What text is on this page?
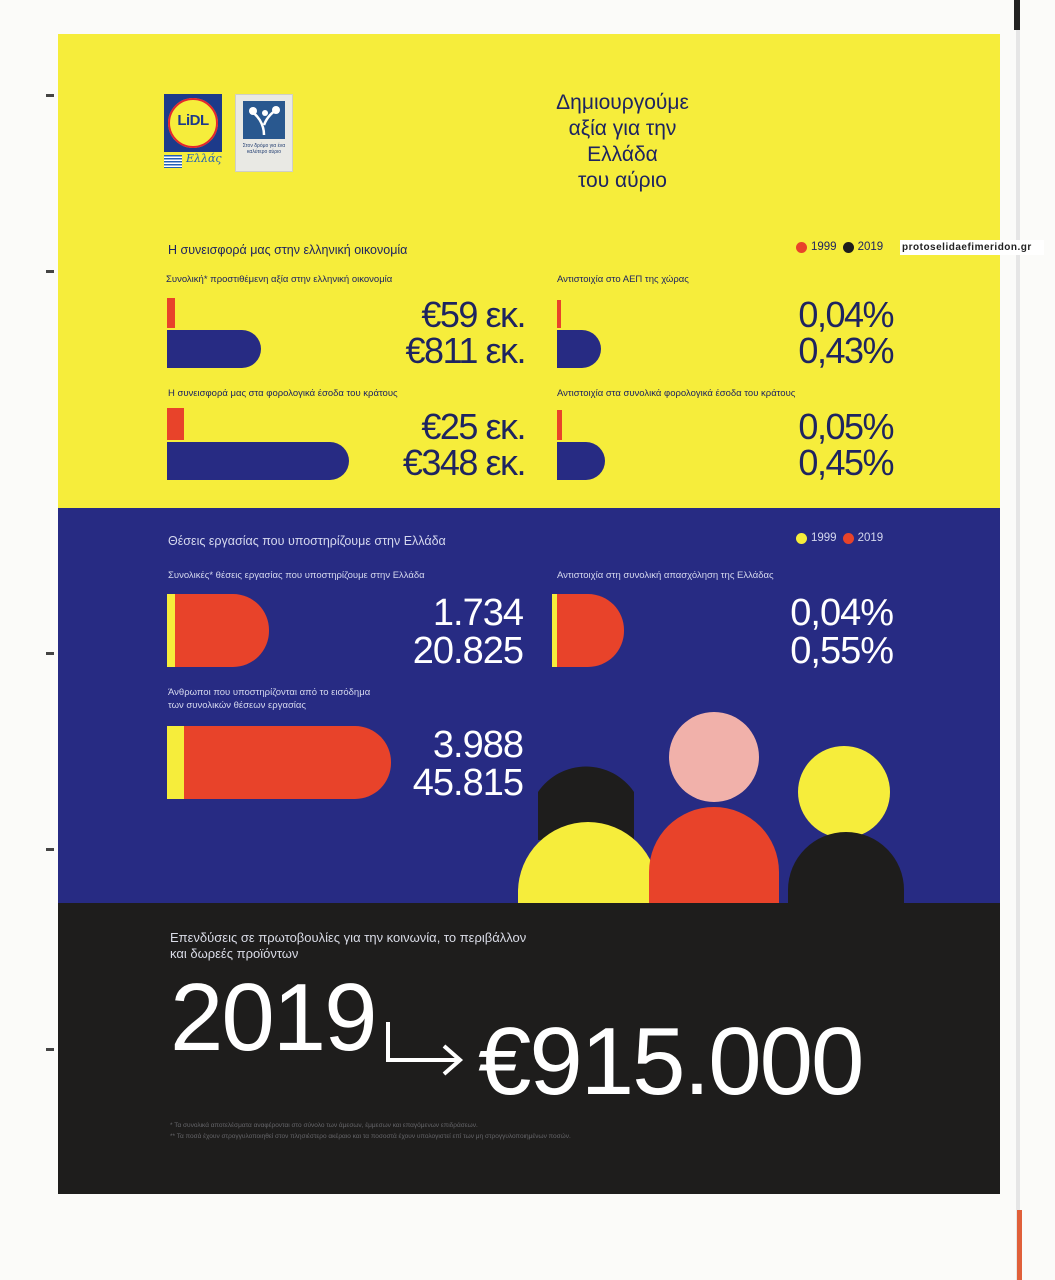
LiDL
Ελλάς
Στον δρόμο για ένα καλύτερο αύριο
Δημιουργούμε
αξία για την
Ελλάδα
του αύριο
protoselidaefimeridon.gr
Η συνεισφορά μας στην ελληνική οικονομία	1999 2019
Συνολική* προστιθέμενη αξία στην ελληνική οικονομία
€59 εκ.
€811 εκ.
Αντιστοιχία στο ΑΕΠ της χώρας
0,04%
0,43%
Η συνεισφορά μας στα φορολογικά έσοδα του κράτους
€25 εκ.
€348 εκ.
Αντιστοιχία στα συνολικά φορολογικά έσοδα του κράτους
0,05%
0,45%
Θέσεις εργασίας που υποστηρίζουμε στην Ελλάδα	1999 2019
Συνολικές* θέσεις εργασίας που υποστηρίζουμε στην Ελλάδα
1.734
20.825
Αντιστοιχία στη συνολική απασχόληση της Ελλάδας
0,04%
0,55%
Άνθρωποι που υποστηρίζονται από το εισόδημα
των συνολικών θέσεων εργασίας
3.988
45.815
Επενδύσεις σε πρωτοβουλίες για την κοινωνία, το περιβάλλον
και δωρεές προϊόντων
2019 €915.000
* Τα συνολικά αποτελέσματα αναφέρονται στο σύνολο των άμεσων, έμμεσων και επαγόμενων επιδράσεων.
** Τα ποσά έχουν στρογγυλοποιηθεί στον πλησιέστερο ακέραιο και τα ποσοστά έχουν υπολογιστεί επί των μη στρογγυλοποιημένων ποσών.
